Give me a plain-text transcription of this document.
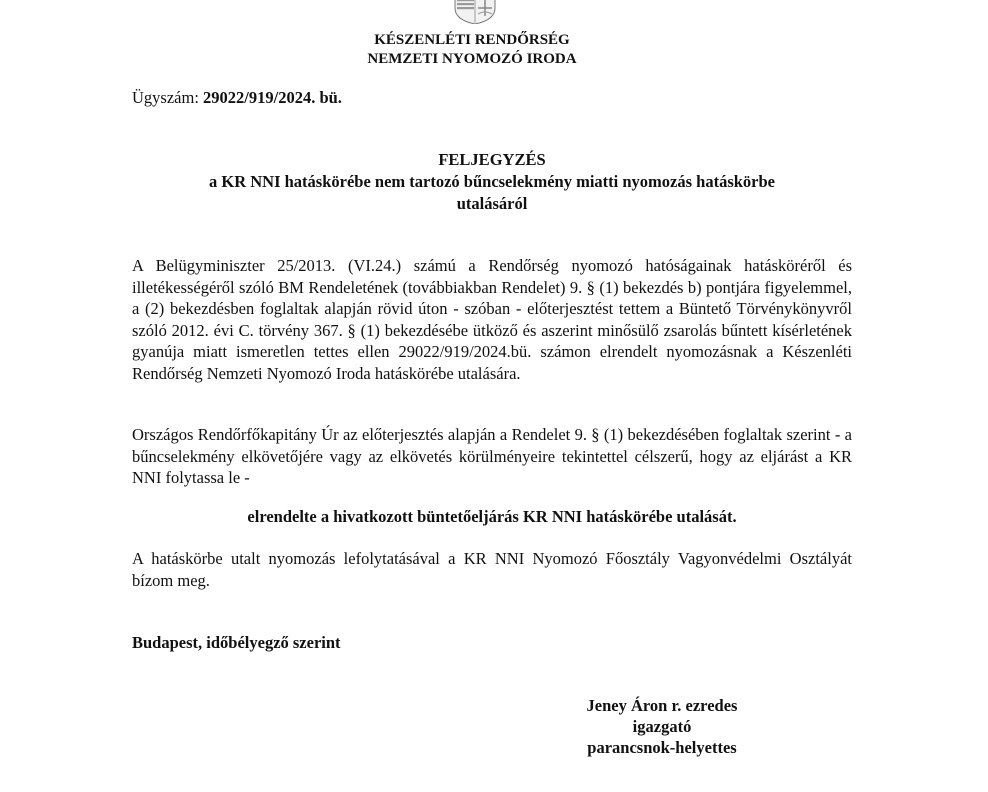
KÉSZENLÉTI RENDŐRSÉG
NEMZETI NYOMOZÓ IRODA
Ügyszám: 29022/919/2024. bü.
FELJEGYZÉS
a KR NNI hatáskörébe nem tartozó bűncselekmény miatti nyomozás hatáskörbe
utalásáról
A Belügyminiszter 25/2013. (VI.24.) számú a Rendőrség nyomozó hatóságainak hatásköréről és illetékességéről szóló BM Rendeletének (továbbiakban Rendelet) 9. § (1) bekezdés b) pontjára figyelemmel, a (2) bekezdésben foglaltak alapján rövid úton - szóban - előterjesztést tettem a Büntető Törvénykönyvről szóló 2012. évi C. törvény 367. § (1) bekezdésébe ütköző és aszerint minősülő zsarolás bűntett kísérletének gyanúja miatt ismeretlen tettes ellen 29022/919/2024.bü. számon elrendelt nyomozásnak a Készenléti Rendőrség Nemzeti Nyomozó Iroda hatáskörébe utalására.
Országos Rendőrfőkapitány Úr az előterjesztés alapján a Rendelet 9. § (1) bekezdésében foglaltak szerint - a bűncselekmény elkövetőjére vagy az elkövetés körülményeire tekintettel célszerű, hogy az eljárást a KR NNI folytassa le -
elrendelte a hivatkozott büntetőeljárás KR NNI hatáskörébe utalását.
A hatáskörbe utalt nyomozás lefolytatásával a KR NNI Nyomozó Főosztály Vagyonvédelmi Osztályát bízom meg.
Budapest, időbélyegző szerint
Jeney Áron r. ezredes
igazgató
parancsnok-helyettes
